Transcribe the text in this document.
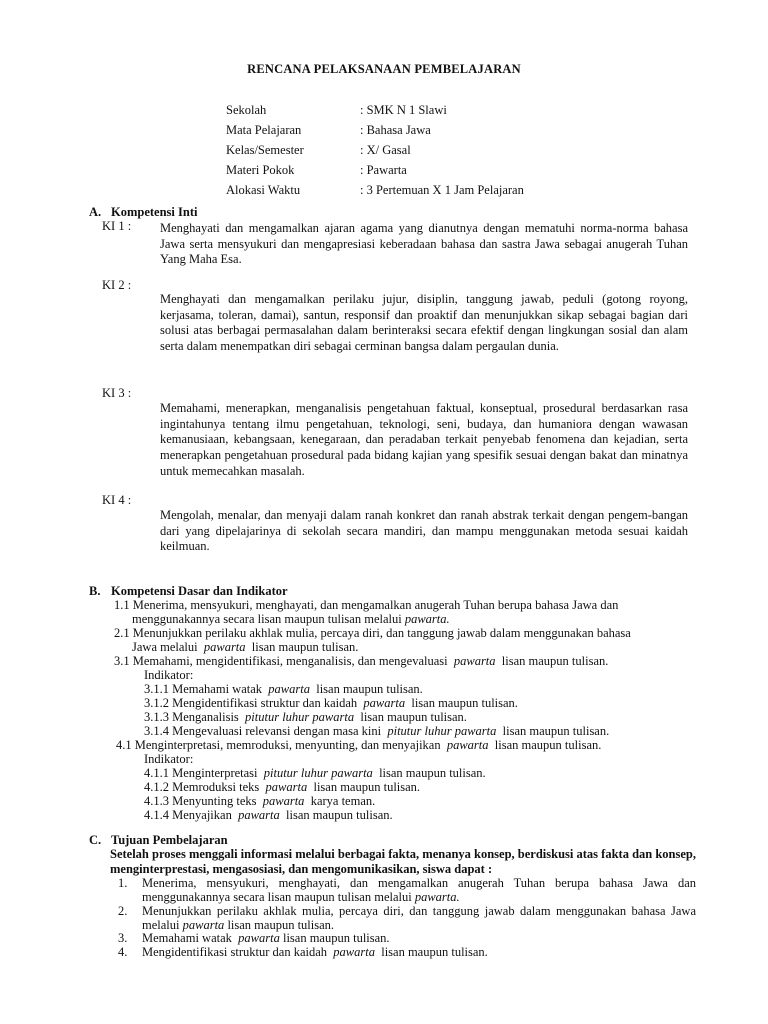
RENCANA PELAKSANAAN PEMBELAJARAN
Sekolah	: SMK N 1 Slawi
Mata Pelajaran	: Bahasa Jawa
Kelas/Semester	: X/ Gasal
Materi Pokok	: Pawarta
Alokasi Waktu	: 3 Pertemuan X 1 Jam Pelajaran
A. Kompetensi Inti
KI 1 : Menghayati dan mengamalkan ajaran agama yang dianutnya dengan mematuhi norma-norma bahasa Jawa serta mensyukuri dan mengapresiasi keberadaan bahasa dan sastra Jawa sebagai anugerah Tuhan Yang Maha Esa.
KI 2 :
Menghayati dan mengamalkan perilaku jujur, disiplin, tanggung jawab, peduli (gotong royong, kerjasama, toleran, damai), santun, responsif dan proaktif dan menunjukkan sikap sebagai bagian dari solusi atas berbagai permasalahan dalam berinteraksi secara efektif dengan lingkungan sosial dan alam serta dalam menempatkan diri sebagai cerminan bangsa dalam pergaulan dunia.
KI 3 :
Memahami, menerapkan, menganalisis pengetahuan faktual, konseptual, prosedural berdasarkan rasa ingintahunya tentang ilmu pengetahuan, teknologi, seni, budaya, dan humaniora dengan wawasan kemanusiaan, kebangsaan, kenegaraan, dan peradaban terkait penyebab fenomena dan kejadian, serta menerapkan pengetahuan prosedural pada bidang kajian yang spesifik sesuai dengan bakat dan minatnya untuk memecahkan masalah.
KI 4 :
Mengolah, menalar, dan menyaji dalam ranah konkret dan ranah abstrak terkait dengan pengem-bangan dari yang dipelajarinya di sekolah secara mandiri, dan mampu menggunakan metoda sesuai kaidah keilmuan.
B. Kompetensi Dasar dan Indikator
1.1 Menerima, mensyukuri, menghayati, dan mengamalkan anugerah Tuhan berupa bahasa Jawa dan
menggunakannya secara lisan maupun tulisan melalui pawarta.
2.1 Menunjukkan perilaku akhlak mulia, percaya diri, dan tanggung jawab dalam menggunakan bahasa
Jawa melalui pawarta lisan maupun tulisan.
3.1 Memahami, mengidentifikasi, menganalisis, dan mengevaluasi pawarta lisan maupun tulisan.
Indikator:
3.1.1 Memahami watak pawarta lisan maupun tulisan.
3.1.2 Mengidentifikasi struktur dan kaidah pawarta lisan maupun tulisan.
3.1.3 Menganalisis pitutur luhur pawarta lisan maupun tulisan.
3.1.4 Mengevaluasi relevansi dengan masa kini pitutur luhur pawarta lisan maupun tulisan.
4.1 Menginterpretasi, memroduksi, menyunting, dan menyajikan pawarta lisan maupun tulisan.
Indikator:
4.1.1 Menginterpretasi pitutur luhur pawarta lisan maupun tulisan.
4.1.2 Memroduksi teks pawarta lisan maupun tulisan.
4.1.3 Menyunting teks pawarta karya teman.
4.1.4 Menyajikan pawarta lisan maupun tulisan.
C. Tujuan Pembelajaran
Setelah proses menggali informasi melalui berbagai fakta, menanya konsep, berdiskusi atas fakta dan konsep, menginterprestasi, mengasosiasi, dan mengomunikasikan, siswa dapat :
1.	Menerima, mensyukuri, menghayati, dan mengamalkan anugerah Tuhan berupa bahasa Jawa dan menggunakannya secara lisan maupun tulisan melalui pawarta.
2.	Menunjukkan perilaku akhlak mulia, percaya diri, dan tanggung jawab dalam menggunakan bahasa Jawa melalui pawarta lisan maupun tulisan.
3.	Memahami watak pawarta lisan maupun tulisan.
4.	Mengidentifikasi struktur dan kaidah pawarta lisan maupun tulisan.
